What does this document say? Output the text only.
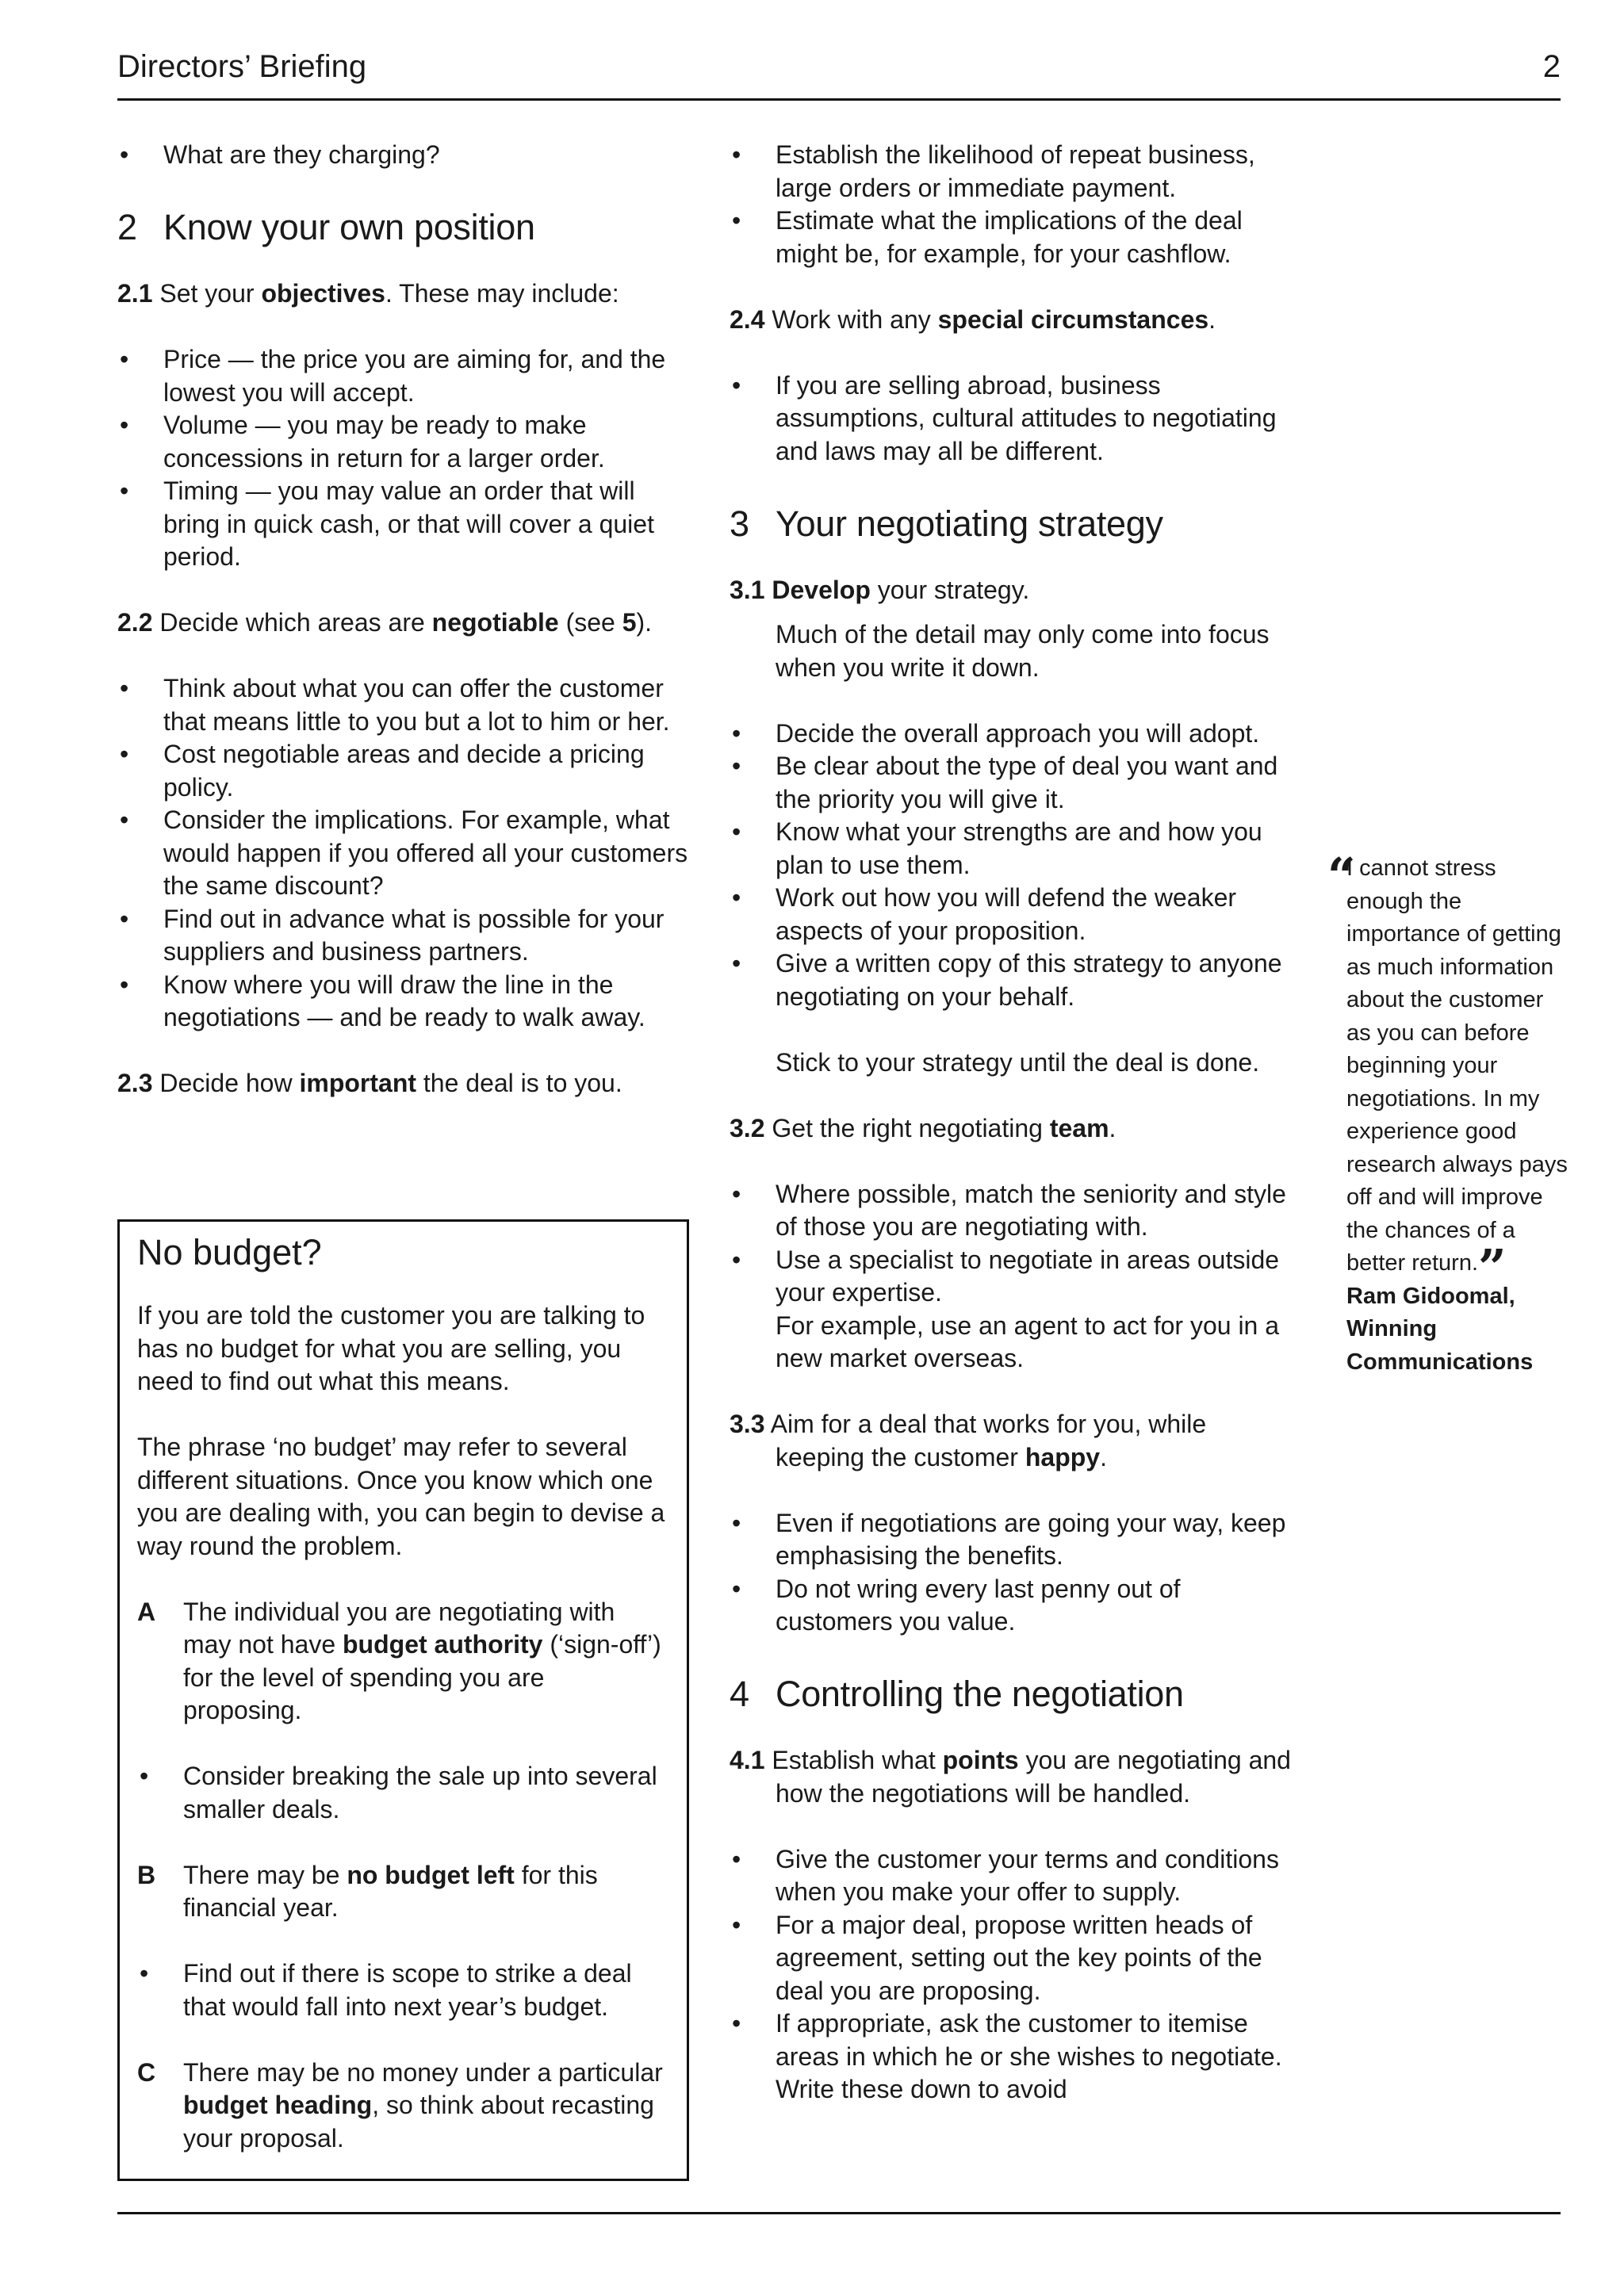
Directors’ Briefing	2
• What are they charging?
2 Know your own position

2.1 Set your objectives. These may include:

• Price — the price you are aiming for, and the lowest you will accept.
• Volume — you may be ready to make concessions in return for a larger order.
• Timing — you may value an order that will bring in quick cash, or that will cover a quiet period.

2.2 Decide which areas are negotiable (see 5).

• Think about what you can offer the customer that means little to you but a lot to him or her.
• Cost negotiable areas and decide a pricing policy.
• Consider the implications. For example, what would happen if you offered all your customers the same discount?
• Find out in advance what is possible for your suppliers and business partners.
• Know where you will draw the line in the negotiations — and be ready to walk away.

2.3 Decide how important the deal is to you.

No budget?

If you are told the customer you are talking to has no budget for what you are selling, you need to find out what this means.

The phrase ‘no budget’ may refer to several different situations. Once you know which one you are dealing with, you can begin to devise a way round the problem.

A The individual you are negotiating with may not have budget authority (‘sign-off’) for the level of spending you are proposing.
• Consider breaking the sale up into several smaller deals.
B There may be no budget left for this financial year.
• Find out if there is scope to strike a deal that would fall into next year’s budget.
C There may be no money under a particular budget heading, so think about recasting your proposal.
• Establish the likelihood of repeat business, large orders or immediate payment.
• Estimate what the implications of the deal might be, for example, for your cashflow.

2.4 Work with any special circumstances.

• If you are selling abroad, business assumptions, cultural attitudes to negotiating and laws may all be different.
3 Your negotiating strategy

3.1 Develop your strategy.

Much of the detail may only come into focus when you write it down.

• Decide the overall approach you will adopt.
• Be clear about the type of deal you want and the priority you will give it.
• Know what your strengths are and how you plan to use them.
• Work out how you will defend the weaker aspects of your proposition.
• Give a written copy of this strategy to anyone negotiating on your behalf.

Stick to your strategy until the deal is done.

3.2 Get the right negotiating team.

• Where possible, match the seniority and style of those you are negotiating with.
• Use a specialist to negotiate in areas outside your expertise.

For example, use an agent to act for you in a new market overseas.

3.3 Aim for a deal that works for you, while keeping the customer happy.

• Even if negotiations are going your way, keep emphasising the benefits.
• Do not wring every last penny out of customers you value.
4 Controlling the negotiation

4.1 Establish what points you are negotiating and how the negotiations will be handled.

• Give the customer your terms and conditions when you make your offer to supply.
• For a major deal, propose written heads of agreement, setting out the key points of the deal you are proposing.
• If appropriate, ask the customer to itemise areas in which he or she wishes to negotiate. Write these down to avoid
“
I cannot stress enough the importance of getting as much information about the customer as you can before beginning your negotiations. In my experience good research always pays off and will improve the chances of a better return.”
Ram Gidoomal, Winning Communications
